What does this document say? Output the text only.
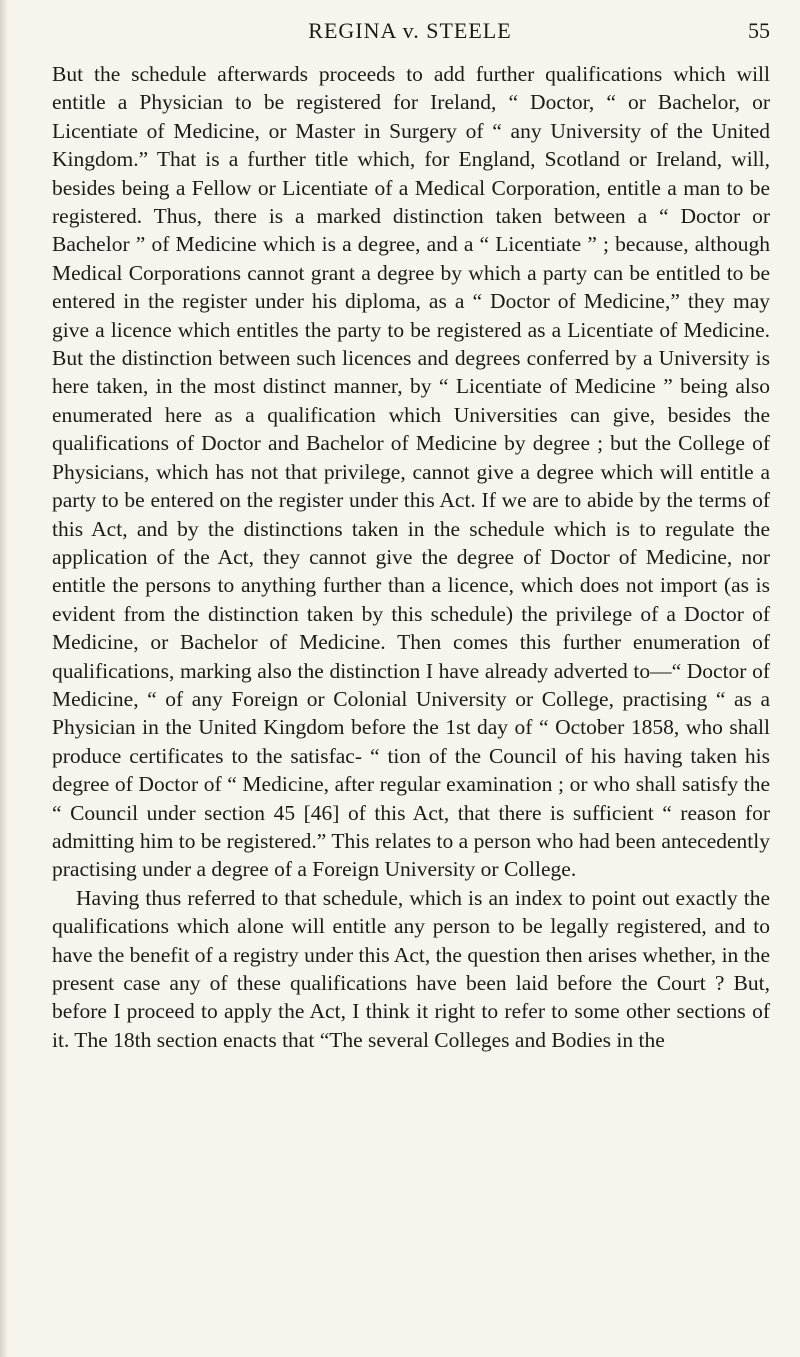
REGINA v. STEELE	55

But the schedule afterwards proceeds to add further qualifications which will entitle a Physician to be registered for Ireland, “ Doctor, “ or Bachelor, or Licentiate of Medicine, or Master in Surgery of “ any University of the United Kingdom.” That is a further title which, for England, Scotland or Ireland, will, besides being a Fellow or Licentiate of a Medical Corporation, entitle a man to be registered. Thus, there is a marked distinction taken between a “ Doctor or Bachelor ” of Medicine which is a degree, and a “ Licentiate ” ; because, although Medical Corporations cannot grant a degree by which a party can be entitled to be entered in the register under his diploma, as a “ Doctor of Medicine,” they may give a licence which entitles the party to be registered as a Licentiate of Medicine. But the distinction between such licences and degrees conferred by a University is here taken, in the most distinct manner, by “ Licentiate of Medicine ” being also enumerated here as a qualification which Universities can give, besides the qualifications of Doctor and Bachelor of Medicine by degree ; but the College of Physicians, which has not that privilege, cannot give a degree which will entitle a party to be entered on the register under this Act. If we are to abide by the terms of this Act, and by the distinctions taken in the schedule which is to regulate the application of the Act, they cannot give the degree of Doctor of Medicine, nor entitle the persons to anything further than a licence, which does not import (as is evident from the distinction taken by this schedule) the privilege of a Doctor of Medicine, or Bachelor of Medicine. Then comes this further enumeration of qualifications, marking also the distinction I have already adverted to—“ Doctor of Medicine, “ of any Foreign or Colonial University or College, practising “ as a Physician in the United Kingdom before the 1st day of “ October 1858, who shall produce certificates to the satisfac- “ tion of the Council of his having taken his degree of Doctor of “ Medicine, after regular examination ; or who shall satisfy the “ Council under section 45 [46] of this Act, that there is sufficient “ reason for admitting him to be registered.” This relates to a person who had been antecedently practising under a degree of a Foreign University or College.

Having thus referred to that schedule, which is an index to point out exactly the qualifications which alone will entitle any person to be legally registered, and to have the benefit of a registry under this Act, the question then arises whether, in the present case any of these qualifications have been laid before the Court ? But, before I proceed to apply the Act, I think it right to refer to some other sections of it. The 18th section enacts that “The several Colleges and Bodies in the
